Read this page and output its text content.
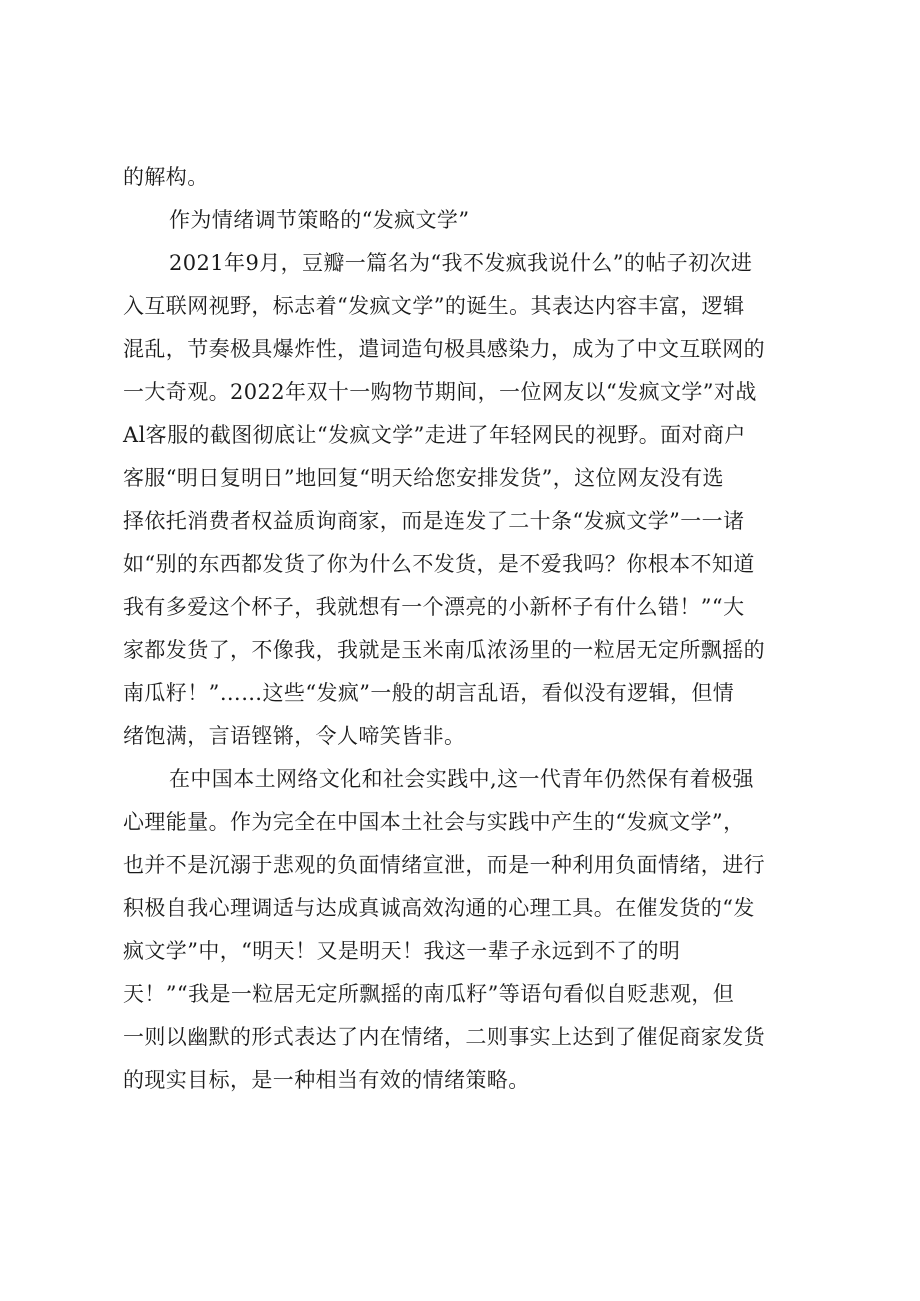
的解构。
作为情绪调节策略的“发疯文学”
2021年9月，豆瓣一篇名为“我不发疯我说什么”的帖子初次进
入互联网视野，标志着“发疯文学”的诞生。其表达内容丰富，逻辑
混乱，节奏极具爆炸性，遣词造句极具感染力，成为了中文互联网的
一大奇观。2022年双十一购物节期间，一位网友以“发疯文学”对战
Al客服的截图彻底让“发疯文学”走进了年轻网民的视野。面对商户
客服“明日复明日”地回复“明天给您安排发货”，这位网友没有选
择依托消费者权益质询商家，而是连发了二十条“发疯文学”一一诸
如“别的东西都发货了你为什么不发货，是不爱我吗？你根本不知道
我有多爱这个杯子，我就想有一个漂亮的小新杯子有什么错！”“大
家都发货了，不像我，我就是玉米南瓜浓汤里的一粒居无定所飘摇的
南瓜籽！”……这些“发疯”一般的胡言乱语，看似没有逻辑，但情
绪饱满，言语铿锵，令人啼笑皆非。
在中国本土网络文化和社会实践中,这一代青年仍然保有着极强
心理能量。作为完全在中国本土社会与实践中产生的“发疯文学”，
也并不是沉溺于悲观的负面情绪宣泄，而是一种利用负面情绪，进行
积极自我心理调适与达成真诚高效沟通的心理工具。在催发货的“发
疯文学”中，“明天！又是明天！我这一辈子永远到不了的明
天！”“我是一粒居无定所飘摇的南瓜籽”等语句看似自贬悲观，但
一则以幽默的形式表达了内在情绪，二则事实上达到了催促商家发货
的现实目标，是一种相当有效的情绪策略。
